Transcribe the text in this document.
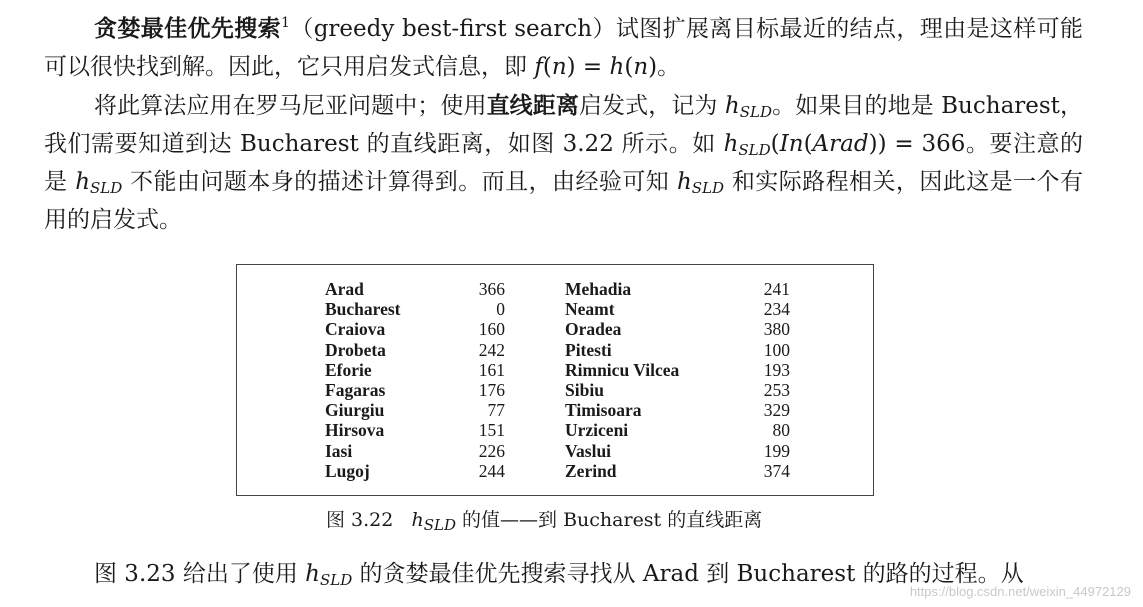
贪婪最佳优先搜索$^1$（greedy best-first search）试图扩展离目标最近的结点，理由是这样可能可以很快找到解。因此，它只用启发式信息，即 f(n) = h(n)。

将此算法应用在罗马尼亚问题中；使用直线距离启发式，记为 $h_{SLD}$。如果目的地是 Bucharest，我们需要知道到达 Bucharest 的直线距离，如图 3.22 所示。如 $h_{SLD}(In(Arad)) = 366$。要注意的是 $h_{SLD}$ 不能由问题本身的描述计算得到。而且，由经验可知 $h_{SLD}$ 和实际路程相关，因此这是一个有用的启发式。

Arad	366
Bucharest	0
Craiova	160
Drobeta	242
Eforie	161
Fagaras	176
Giurgiu	77
Hirsova	151
Iasi	226
Lugoj	244
Mehadia	241
Neamt	234
Oradea	380
Pitesti	100
Rimnicu Vilcea	193
Sibiu	253
Timisoara	329
Urziceni	80
Vaslui	199
Zerind	374
图 3.22 $h_{SLD}$ 的值——到 Bucharest 的直线距离

图 3.23 给出了使用 $h_{SLD}$ 的贪婪最佳优先搜索寻找从 Arad 到 Bucharest 的路的过程。从

https://blog.csdn.net/weixin_44972129
